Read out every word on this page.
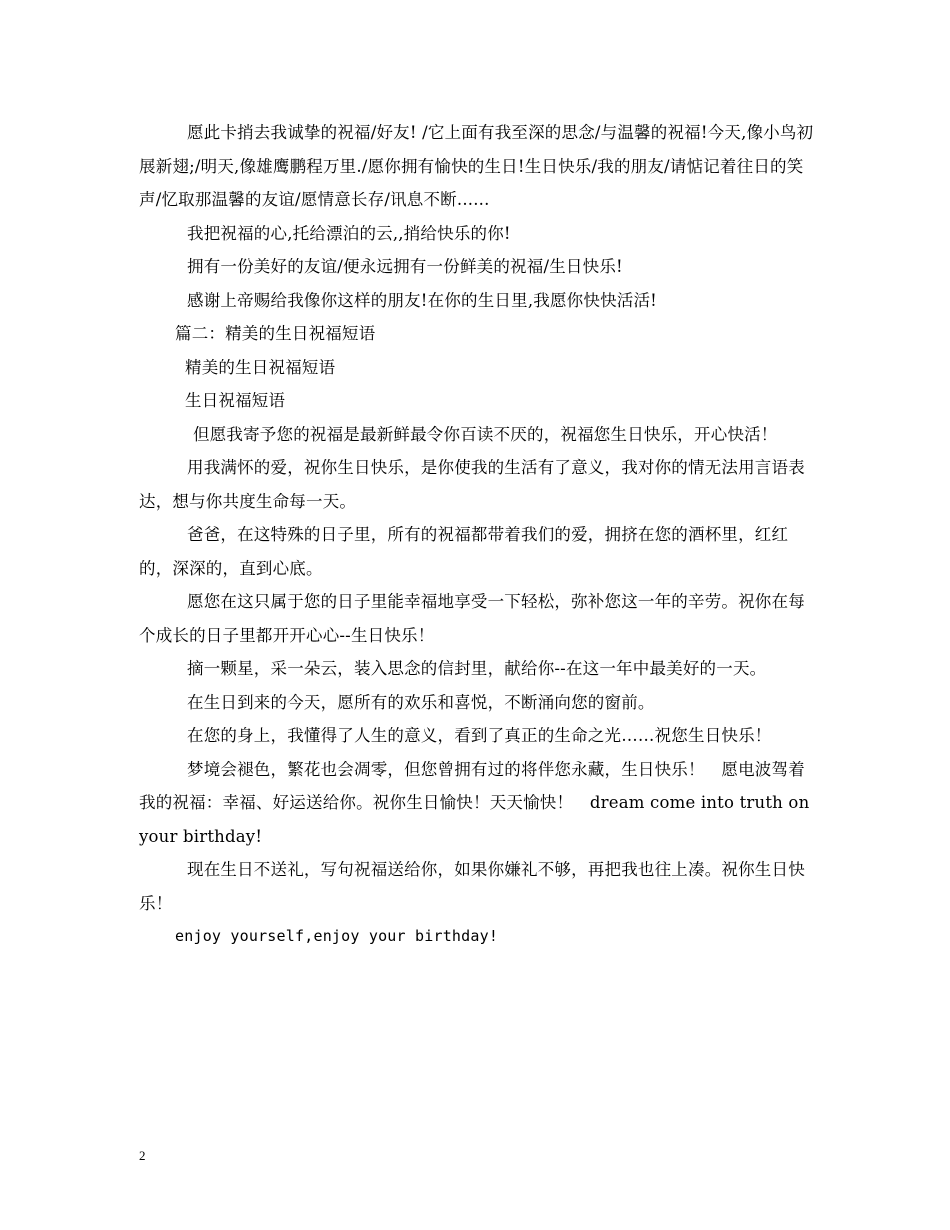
愿此卡捎去我诚挚的祝福/好友! /它上面有我至深的思念/与温馨的祝福!今天,像小鸟初展新翅;/明天,像雄鹰鹏程万里./愿你拥有愉快的生日!生日快乐/我的朋友/请惦记着往日的笑声/忆取那温馨的友谊/愿情意长存/讯息不断......

我把祝福的心,托给漂泊的云,,捎给快乐的你!

拥有一份美好的友谊/便永远拥有一份鲜美的祝福/生日快乐!

感谢上帝赐给我像你这样的朋友!在你的生日里,我愿你快快活活!

篇二：精美的生日祝福短语

精美的生日祝福短语

生日祝福短语

但愿我寄予您的祝福是最新鲜最令你百读不厌的，祝福您生日快乐，开心快活！

用我满怀的爱，祝你生日快乐，是你使我的生活有了意义，我对你的情无法用言语表达，想与你共度生命每一天。

爸爸，在这特殊的日子里，所有的祝福都带着我们的爱，拥挤在您的酒杯里，红红的，深深的，直到心底。

愿您在这只属于您的日子里能幸福地享受一下轻松，弥补您这一年的辛劳。祝你在每个成长的日子里都开开心心--生日快乐！

摘一颗星，采一朵云，装入思念的信封里，献给你--在这一年中最美好的一天。

在生日到来的今天，愿所有的欢乐和喜悦，不断涌向您的窗前。

在您的身上，我懂得了人生的意义，看到了真正的生命之光……祝您生日快乐！

梦境会褪色，繁花也会凋零，但您曾拥有过的将伴您永藏，生日快乐！　愿电波驾着我的祝福：幸福、好运送给你。祝你生日愉快！天天愉快！　dream come into truth on your birthday!

现在生日不送礼，写句祝福送给你，如果你嫌礼不够，再把我也往上凑。祝你生日快乐！

enjoy yourself,enjoy your birthday!

2
